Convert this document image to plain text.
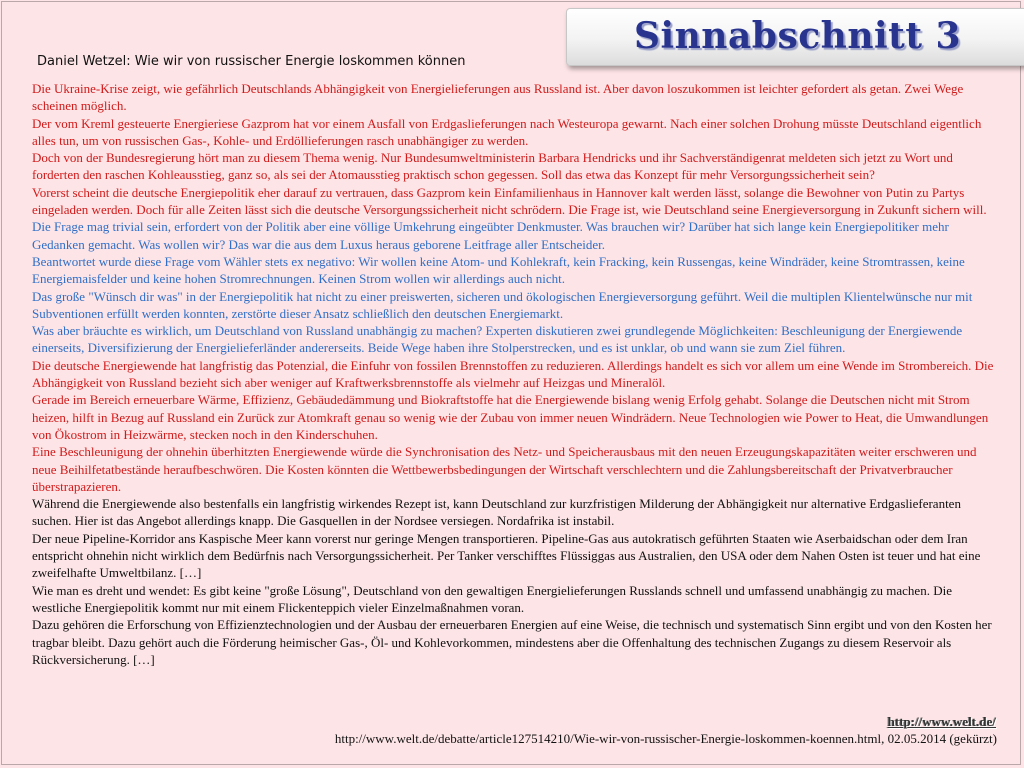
Sinnabschnitt 3
Daniel Wetzel: Wie wir von russischer Energie loskommen können

Die Ukraine-Krise zeigt, wie gefährlich Deutschlands Abhängigkeit von Energielieferungen aus Russland ist. Aber davon loszukommen ist leichter gefordert als getan. Zwei Wege scheinen möglich.

Der vom Kreml gesteuerte Energieriese Gazprom hat vor einem Ausfall von Erdgaslieferungen nach Westeuropa gewarnt. Nach einer solchen Drohung müsste Deutschland eigentlich alles tun, um von russischen Gas-, Kohle- und Erdöllieferungen rasch unabhängiger zu werden.

Doch von der Bundesregierung hört man zu diesem Thema wenig. Nur Bundesumweltministerin Barbara Hendricks und ihr Sachverständigenrat meldeten sich jetzt zu Wort und forderten den raschen Kohleausstieg, ganz so, als sei der Atomausstieg praktisch schon gegessen. Soll das etwa das Konzept für mehr Versorgungssicherheit sein?

Vorerst scheint die deutsche Energiepolitik eher darauf zu vertrauen, dass Gazprom kein Einfamilienhaus in Hannover kalt werden lässt, solange die Bewohner von Putin zu Partys eingeladen werden. Doch für alle Zeiten lässt sich die deutsche Versorgungssicherheit nicht schrödern. Die Frage ist, wie Deutschland seine Energieversorgung in Zukunft sichern will.

Die Frage mag trivial sein, erfordert von der Politik aber eine völlige Umkehrung eingeübter Denkmuster. Was brauchen wir? Darüber hat sich lange kein Energiepolitiker mehr Gedanken gemacht. Was wollen wir? Das war die aus dem Luxus heraus geborene Leitfrage aller Entscheider.

Beantwortet wurde diese Frage vom Wähler stets ex negativo: Wir wollen keine Atom- und Kohlekraft, kein Fracking, kein Russengas, keine Windräder, keine Stromtrassen, keine Energiemaisfelder und keine hohen Stromrechnungen. Keinen Strom wollen wir allerdings auch nicht.

Das große "Wünsch dir was" in der Energiepolitik hat nicht zu einer preiswerten, sicheren und ökologischen Energieversorgung geführt. Weil die multiplen Klientelwünsche nur mit Subventionen erfüllt werden konnten, zerstörte dieser Ansatz schließlich den deutschen Energiemarkt.

Was aber bräuchte es wirklich, um Deutschland von Russland unabhängig zu machen? Experten diskutieren zwei grundlegende Möglichkeiten: Beschleunigung der Energiewende einerseits, Diversifizierung der Energielieferländer andererseits. Beide Wege haben ihre Stolperstrecken, und es ist unklar, ob und wann sie zum Ziel führen.

Die deutsche Energiewende hat langfristig das Potenzial, die Einfuhr von fossilen Brennstoffen zu reduzieren. Allerdings handelt es sich vor allem um eine Wende im Strombereich. Die Abhängigkeit von Russland bezieht sich aber weniger auf Kraftwerksbrennstoffe als vielmehr auf Heizgas und Mineralöl.

Gerade im Bereich erneuerbare Wärme, Effizienz, Gebäudedämmung und Biokraftstoffe hat die Energiewende bislang wenig Erfolg gehabt. Solange die Deutschen nicht mit Strom heizen, hilft in Bezug auf Russland ein Zurück zur Atomkraft genau so wenig wie der Zubau von immer neuen Windrädern. Neue Technologien wie Power to Heat, die Umwandlungen von Ökostrom in Heizwärme, stecken noch in den Kinderschuhen.

Eine Beschleunigung der ohnehin überhitzten Energiewende würde die Synchronisation des Netz- und Speicherausbaus mit den neuen Erzeugungskapazitäten weiter erschweren und neue Beihilfetatbestände heraufbeschwören. Die Kosten könnten die Wettbewerbsbedingungen der Wirtschaft verschlechtern und die Zahlungsbereitschaft der Privatverbraucher überstrapazieren.

Während die Energiewende also bestenfalls ein langfristig wirkendes Rezept ist, kann Deutschland zur kurzfristigen Milderung der Abhängigkeit nur alternative Erdgaslieferanten suchen. Hier ist das Angebot allerdings knapp. Die Gasquellen in der Nordsee versiegen. Nordafrika ist instabil.

Der neue Pipeline-Korridor ans Kaspische Meer kann vorerst nur geringe Mengen transportieren. Pipeline-Gas aus autokratisch geführten Staaten wie Aserbaidschan oder dem Iran entspricht ohnehin nicht wirklich dem Bedürfnis nach Versorgungssicherheit. Per Tanker verschifftes Flüssiggas aus Australien, den USA oder dem Nahen Osten ist teuer und hat eine zweifelhafte Umweltbilanz. […]

Wie man es dreht und wendet: Es gibt keine "große Lösung", Deutschland von den gewaltigen Energielieferungen Russlands schnell und umfassend unabhängig zu machen. Die westliche Energiepolitik kommt nur mit einem Flickenteppich vieler Einzelmaßnahmen voran.

Dazu gehören die Erforschung von Effizienztechnologien und der Ausbau der erneuerbaren Energien auf eine Weise, die technisch und systematisch Sinn ergibt und von den Kosten her tragbar bleibt. Dazu gehört auch die Förderung heimischer Gas-, Öl- und Kohlevorkommen, mindestens aber die Offenhaltung des technischen Zugangs zu diesem Reservoir als Rückversicherung. […]

http://www.welt.de/
http://www.welt.de/debatte/article127514210/Wie-wir-von-russischer-Energie-loskommen-koennen.html, 02.05.2014 (gekürzt)
